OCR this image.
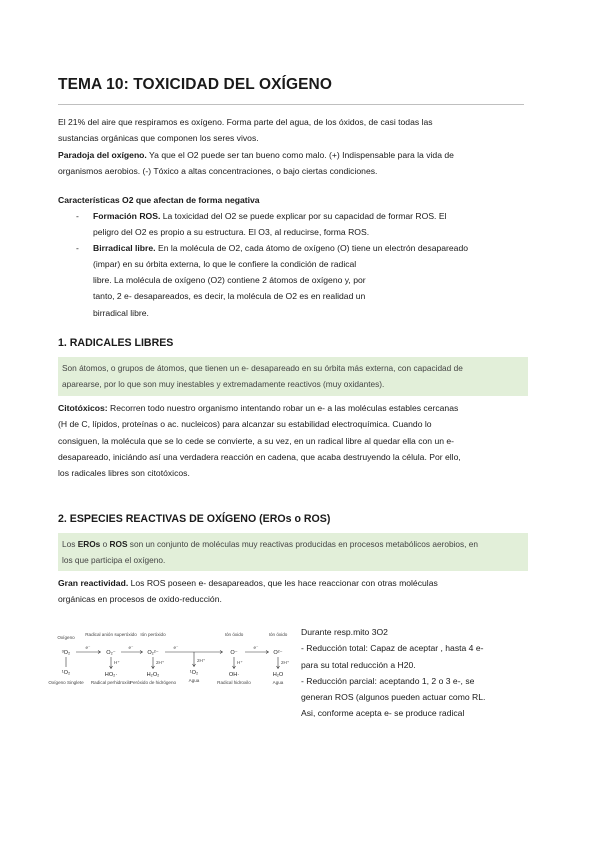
TEMA 10: TOXICIDAD DEL OXÍGENO
El 21% del aire que respiramos es oxígeno. Forma parte del agua, de los óxidos, de casi todas las
sustancias orgánicas que componen los seres vivos.
Paradoja del oxígeno. Ya que el O2 puede ser tan bueno como malo. (+) Indispensable para la vida de
organismos aerobios. (-) Tóxico a altas concentraciones, o bajo ciertas condiciones.
Características O2 que afectan de forma negativa
- Formación ROS. La toxicidad del O2 se puede explicar por su capacidad de formar ROS. El
peligro del O2 es propio a su estructura. El O3, al reducirse, forma ROS.
- Birradical libre. En la molécula de O2, cada átomo de oxígeno (O) tiene un electrón desapareado
(impar) en su órbita externa, lo que le confiere la condición de radical
libre. La molécula de oxígeno (O2) contiene 2 átomos de oxígeno y, por
tanto, 2 e- desapareados, es decir, la molécula de O2 es en realidad un
birradical libre.
1. RADICALES LIBRES
Son átomos, o grupos de átomos, que tienen un e- desapareado en su órbita más externa, con capacidad de
aparearse, por lo que son muy inestables y extremadamente reactivos (muy oxidantes).
Citotóxicos: Recorren todo nuestro organismo intentando robar un e- a las moléculas estables cercanas
(H de C, lípidos, proteínas o ac. nucleicos) para alcanzar su estabilidad electroquímica. Cuando lo
consiguen, la molécula que se lo cede se convierte, a su vez, en un radical libre al quedar ella con un e-
desapareado, iniciándo así una verdadera reacción en cadena, que acaba destruyendo la célula. Por ello,
los radicales libres son citotóxicos.
2. ESPECIES REACTIVAS DE OXÍGENO (EROs o ROS)
Los EROs o ROS son un conjunto de moléculas muy reactivas producidas en procesos metabólicos aerobios, en
los que participa el oxígeno.
Gran reactividad. Los ROS poseen e- desapareados, que les hace reaccionar con otras moléculas
orgánicas en procesos de oxido-reducción.
Oxígeno
Radical anión superóxido Ión peróxido	Ión óxido	Ión óxido
³O₂	O₂⁻	O₂²⁻	O⁻	O²⁻
e⁻	e⁻	e⁻	e⁻
H⁺	2H⁺	2H⁺	H⁺	2H⁺
HO₂·	H₂O₂	¹O₂	OH·	H₂O
¹O₂
Oxígeno Singlete Radical perhidroxilo
Peróxido de hidrógeno	Agua	Radical hidroxilo	Agua
Durante resp.mito 3O2
- Reducción total: Capaz de aceptar , hasta 4 e-
para su total reducción a H20.
- Reducción parcial: aceptando 1, 2 o 3 e-, se
generan ROS (algunos pueden actuar como RL.
Asi, conforme acepta e- se produce radical
